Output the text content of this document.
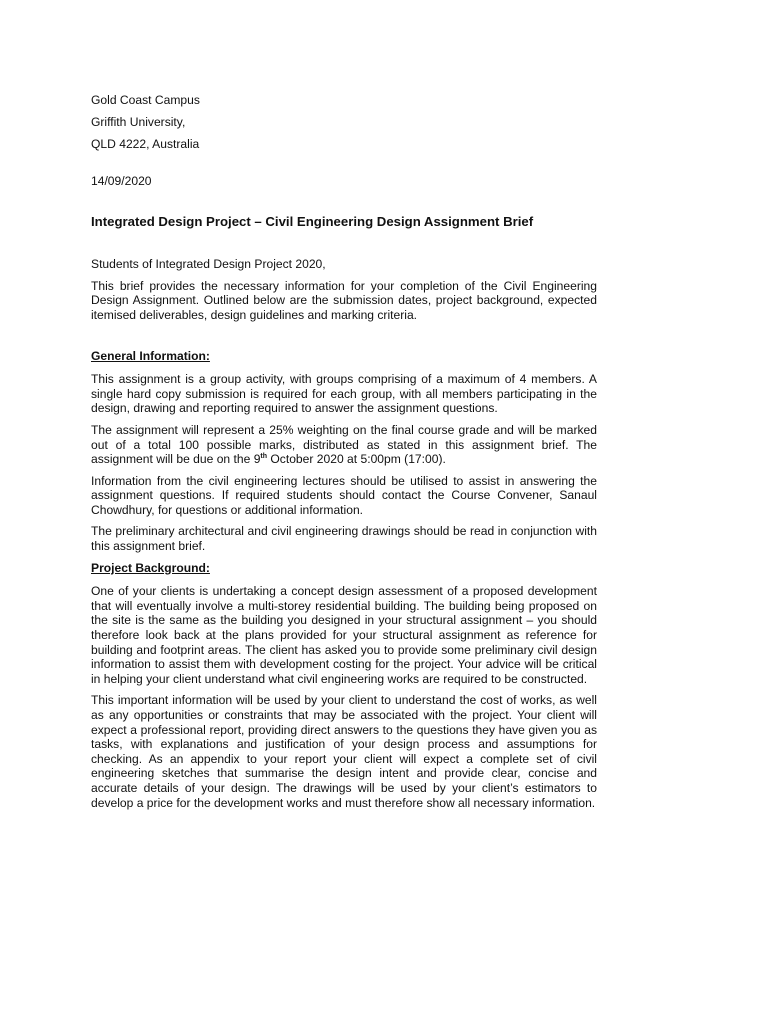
Gold Coast Campus

Griffith University,

QLD 4222, Australia

14/09/2020

Integrated Design Project – Civil Engineering Design Assignment Brief

Students of Integrated Design Project 2020,

This brief provides the necessary information for your completion of the Civil Engineering Design Assignment. Outlined below are the submission dates, project background, expected itemised deliverables, design guidelines and marking criteria.

General Information:

This assignment is a group activity, with groups comprising of a maximum of 4 members. A single hard copy submission is required for each group, with all members participating in the design, drawing and reporting required to answer the assignment questions.

The assignment will represent a 25% weighting on the final course grade and will be marked out of a total 100 possible marks, distributed as stated in this assignment brief. The assignment will be due on the 9th October 2020 at 5:00pm (17:00).

Information from the civil engineering lectures should be utilised to assist in answering the assignment questions. If required students should contact the Course Convener, Sanaul Chowdhury, for questions or additional information.

The preliminary architectural and civil engineering drawings should be read in conjunction with this assignment brief.

Project Background:

One of your clients is undertaking a concept design assessment of a proposed development that will eventually involve a multi-storey residential building. The building being proposed on the site is the same as the building you designed in your structural assignment – you should therefore look back at the plans provided for your structural assignment as reference for building and footprint areas. The client has asked you to provide some preliminary civil design information to assist them with development costing for the project. Your advice will be critical in helping your client understand what civil engineering works are required to be constructed.

This important information will be used by your client to understand the cost of works, as well as any opportunities or constraints that may be associated with the project. Your client will expect a professional report, providing direct answers to the questions they have given you as tasks, with explanations and justification of your design process and assumptions for checking. As an appendix to your report your client will expect a complete set of civil engineering sketches that summarise the design intent and provide clear, concise and accurate details of your design. The drawings will be used by your client’s estimators to develop a price for the development works and must therefore show all necessary information.
